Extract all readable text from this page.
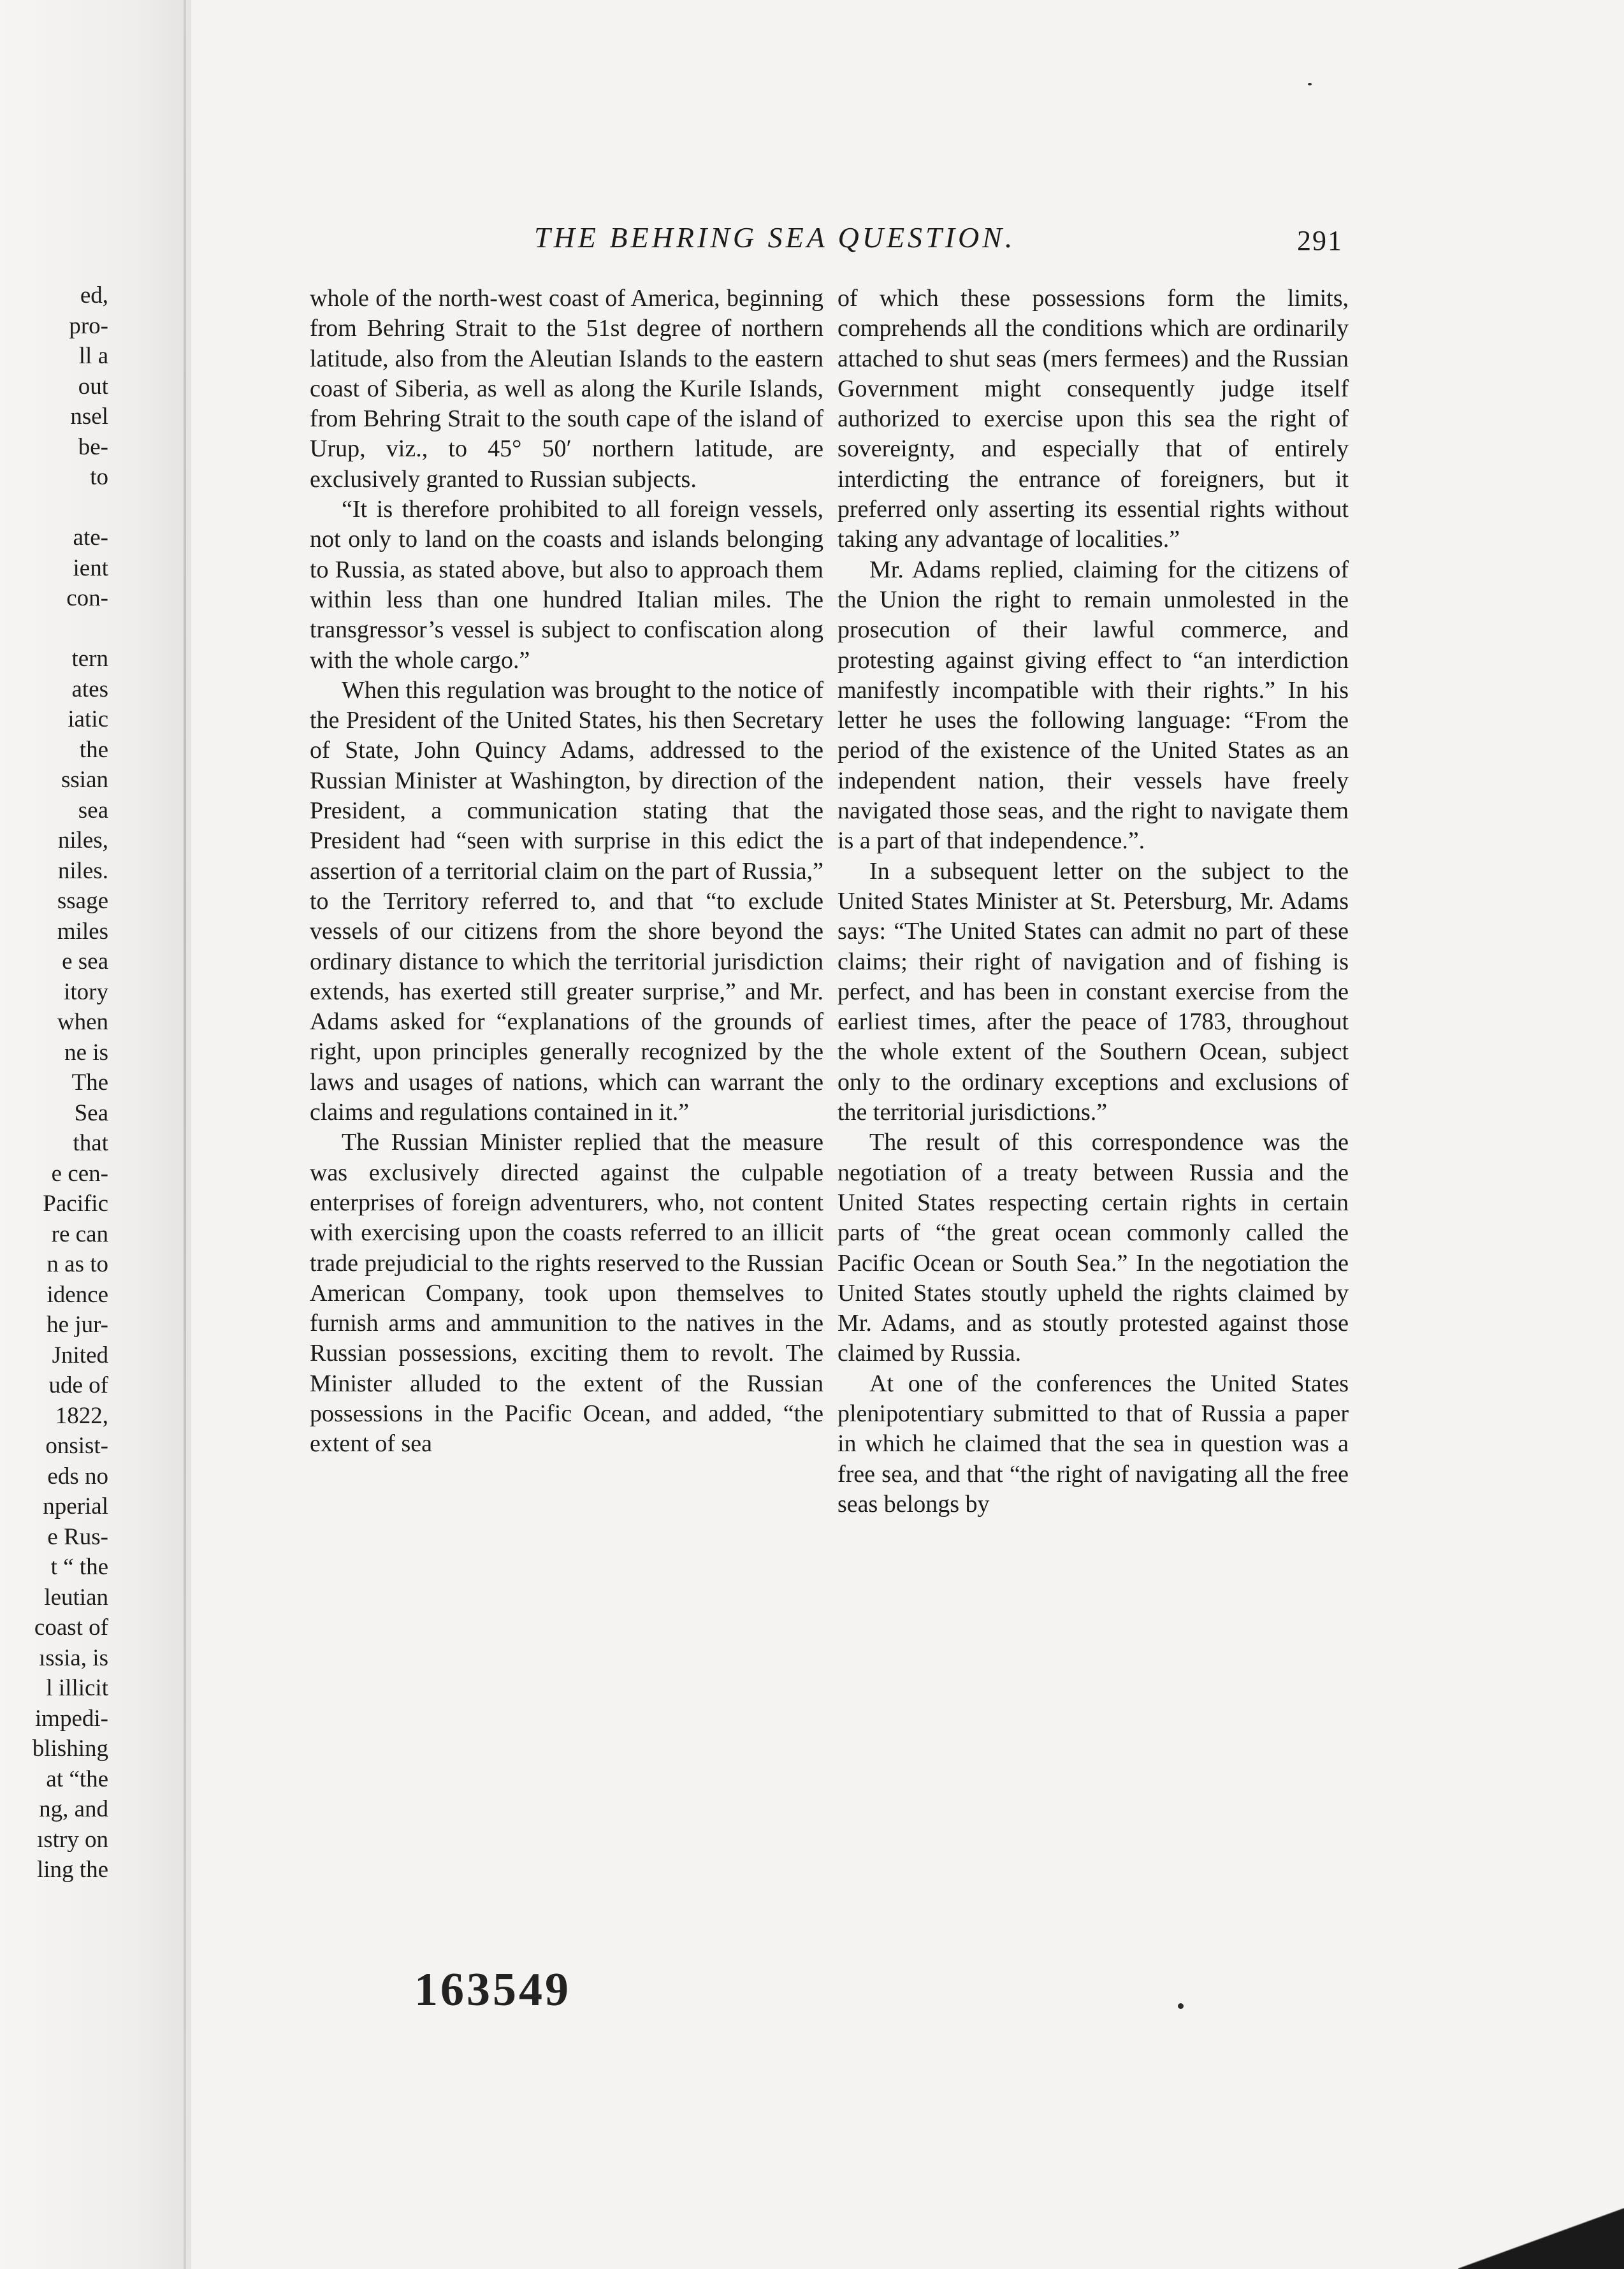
ed,
pro-
ll a
out
nsel
be-
to
ate-
ient
con-
tern
ates
iatic
the
ssian
sea
niles,
niles.
ssage
miles
e sea
itory
when
ne is
The
Sea
that
e cen-
Pacific
re can
n as to
idence
he jur-
Jnited
ude of
1822,
onsist-
eds no
nperial
e Rus-
t “ the
leutian
coast of
ıssia, is
l illicit
impedi-
blishing
at “the
ng, and
ıstry on
ling the
THE BEHRING SEA QUESTION.	291

whole of the north-west coast of America, beginning from Behring Strait to the 51st degree of northern latitude, also from the Aleutian Islands to the eastern coast of Siberia, as well as along the Kurile Islands, from Behring Strait to the south cape of the island of Urup, viz., to 45° 50′ northern latitude, are exclusively granted to Russian subjects.

“It is therefore prohibited to all foreign vessels, not only to land on the coasts and islands belonging to Russia, as stated above, but also to approach them within less than one hundred Italian miles. The transgressor’s vessel is subject to confiscation along with the whole cargo.”

When this regulation was brought to the notice of the President of the United States, his then Secretary of State, John Quincy Adams, addressed to the Russian Minister at Washington, by direction of the President, a communication stating that the President had “seen with surprise in this edict the assertion of a territorial claim on the part of Russia,” to the Territory referred to, and that “to exclude vessels of our citizens from the shore beyond the ordinary distance to which the territorial jurisdiction extends, has exerted still greater surprise,” and Mr. Adams asked for “explanations of the grounds of right, upon principles generally recognized by the laws and usages of nations, which can warrant the claims and regulations contained in it.”

The Russian Minister replied that the measure was exclusively directed against the culpable enterprises of foreign adventurers, who, not content with exercising upon the coasts referred to an illicit trade prejudicial to the rights reserved to the Russian American Company, took upon themselves to furnish arms and ammunition to the natives in the Russian possessions, exciting them to revolt. The Minister alluded to the extent of the Russian possessions in the Pacific Ocean, and added, “the extent of sea

of which these possessions form the limits, comprehends all the conditions which are ordinarily attached to shut seas (mers fermees) and the Russian Government might consequently judge itself authorized to exercise upon this sea the right of sovereignty, and especially that of entirely interdicting the entrance of foreigners, but it preferred only asserting its essential rights without taking any advantage of localities.”

Mr. Adams replied, claiming for the citizens of the Union the right to remain unmolested in the prosecution of their lawful commerce, and protesting against giving effect to “an interdiction manifestly incompatible with their rights.” In his letter he uses the following language: “From the period of the existence of the United States as an independent nation, their vessels have freely navigated those seas, and the right to navigate them is a part of that independence.”.

In a subsequent letter on the subject to the United States Minister at St. Petersburg, Mr. Adams says: “The United States can admit no part of these claims; their right of navigation and of fishing is perfect, and has been in constant exercise from the earliest times, after the peace of 1783, throughout the whole extent of the Southern Ocean, subject only to the ordinary exceptions and exclusions of the territorial jurisdictions.”

The result of this correspondence was the negotiation of a treaty between Russia and the United States respecting certain rights in certain parts of “the great ocean commonly called the Pacific Ocean or South Sea.” In the negotiation the United States stoutly upheld the rights claimed by Mr. Adams, and as stoutly protested against those claimed by Russia.

At one of the conferences the United States plenipotentiary submitted to that of Russia a paper in which he claimed that the sea in question was a free sea, and that “the right of navigating all the free seas belongs by

163549
